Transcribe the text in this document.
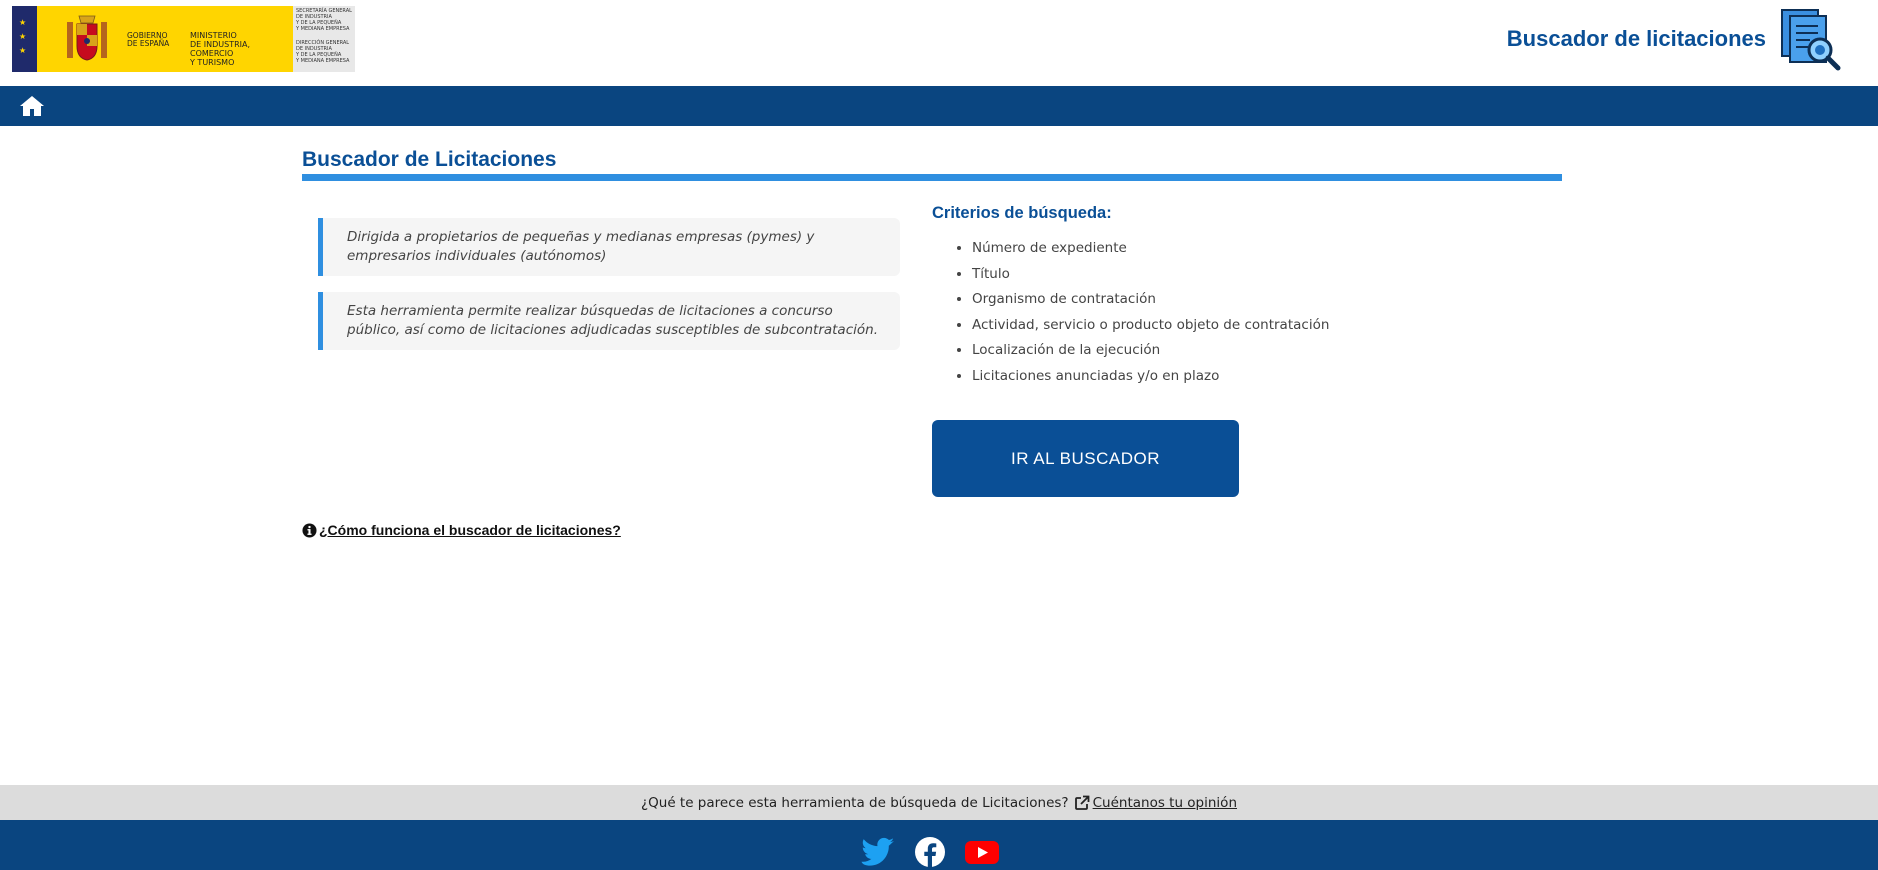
★
★
★
GOBIERNO
DE ESPAÑA
MINISTERIO
DE INDUSTRIA, COMERCIO
Y TURISMO
SECRETARÍA GENERAL
DE INDUSTRIA
Y DE LA PEQUEÑA
Y MEDIANA EMPRESA
DIRECCIÓN GENERAL
DE INDUSTRIA
Y DE LA PEQUEÑA
Y MEDIANA EMPRESA
Buscador de licitaciones
Buscador de Licitaciones
Dirigida a propietarios de pequeñas y medianas empresas (pymes) y empresarios individuales (autónomos)
Esta herramienta permite realizar búsquedas de licitaciones a concurso público, así como de licitaciones adjudicadas susceptibles de subcontratación.
Criterios de búsqueda:
• Número de expediente
• Título
• Organismo de contratación
• Actividad, servicio o producto objeto de contratación
• Localización de la ejecución
• Licitaciones anunciadas y/o en plazo
IR AL BUSCADOR
¿Cómo funciona el buscador de licitaciones?
¿Qué te parece esta herramienta de búsqueda de Licitaciones? Cuéntanos tu opinión
